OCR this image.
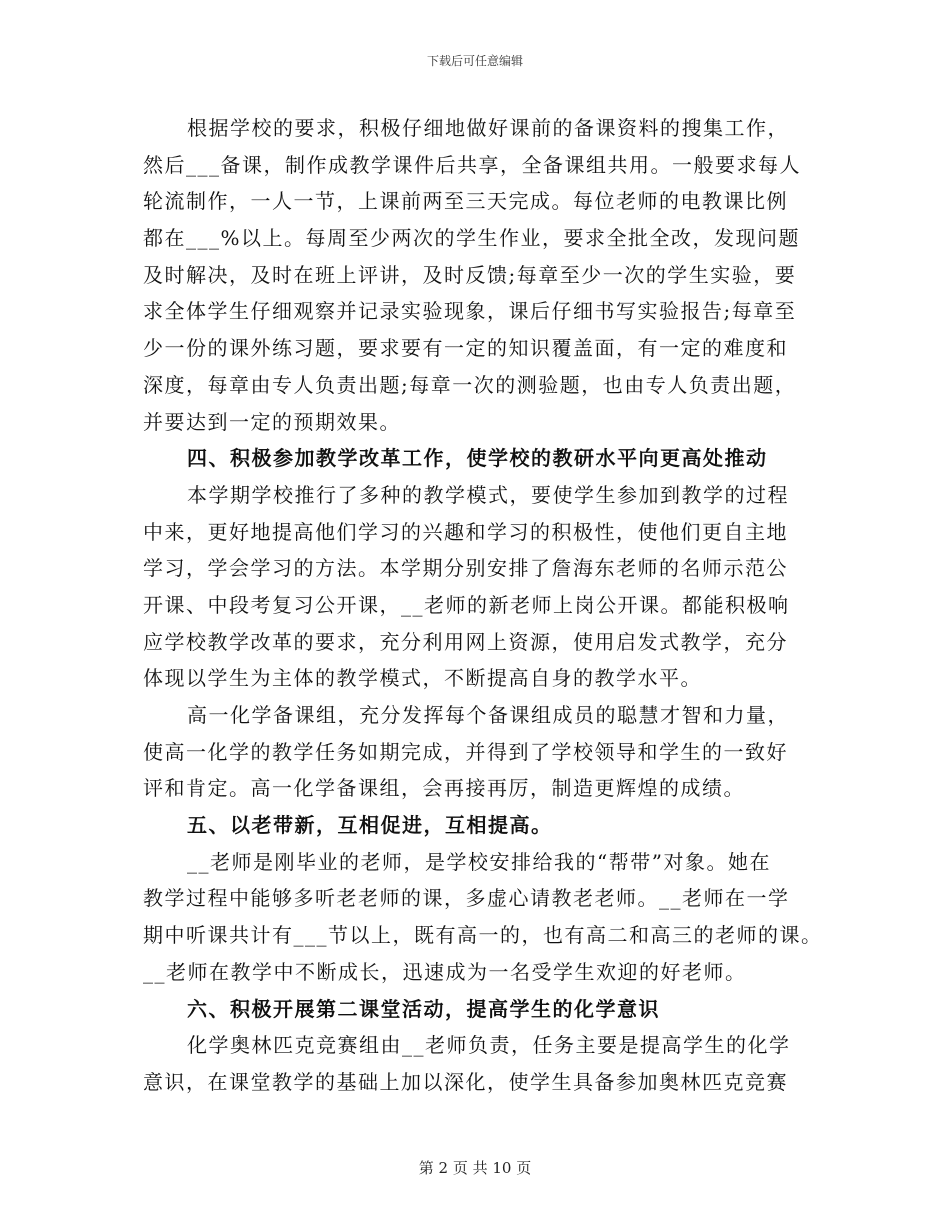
下载后可任意编辑
根据学校的要求，积极仔细地做好课前的备课资料的搜集工作，
然后___备课，制作成教学课件后共享，全备课组共用。一般要求每人
轮流制作，一人一节，上课前两至三天完成。每位老师的电教课比例
都在___%以上。每周至少两次的学生作业，要求全批全改，发现问题
及时解决，及时在班上评讲，及时反馈;每章至少一次的学生实验，要
求全体学生仔细观察并记录实验现象，课后仔细书写实验报告;每章至
少一份的课外练习题，要求要有一定的知识覆盖面，有一定的难度和
深度，每章由专人负责出题;每章一次的测验题，也由专人负责出题，
并要达到一定的预期效果。
四、积极参加教学改革工作，使学校的教研水平向更高处推动
本学期学校推行了多种的教学模式，要使学生参加到教学的过程
中来，更好地提高他们学习的兴趣和学习的积极性，使他们更自主地
学习，学会学习的方法。本学期分别安排了詹海东老师的名师示范公
开课、中段考复习公开课，__老师的新老师上岗公开课。都能积极响
应学校教学改革的要求，充分利用网上资源，使用启发式教学，充分
体现以学生为主体的教学模式，不断提高自身的教学水平。
高一化学备课组，充分发挥每个备课组成员的聪慧才智和力量，
使高一化学的教学任务如期完成，并得到了学校领导和学生的一致好
评和肯定。高一化学备课组，会再接再厉，制造更辉煌的成绩。
五、以老带新，互相促进，互相提高。
__老师是刚毕业的老师，是学校安排给我的“帮带”对象。她在
教学过程中能够多听老老师的课，多虚心请教老老师。__老师在一学
期中听课共计有___节以上，既有高一的，也有高二和高三的老师的课。
__老师在教学中不断成长，迅速成为一名受学生欢迎的好老师。
六、积极开展第二课堂活动，提高学生的化学意识
化学奥林匹克竞赛组由__老师负责，任务主要是提高学生的化学
意识，在课堂教学的基础上加以深化，使学生具备参加奥林匹克竞赛
第 2 页 共 10 页
